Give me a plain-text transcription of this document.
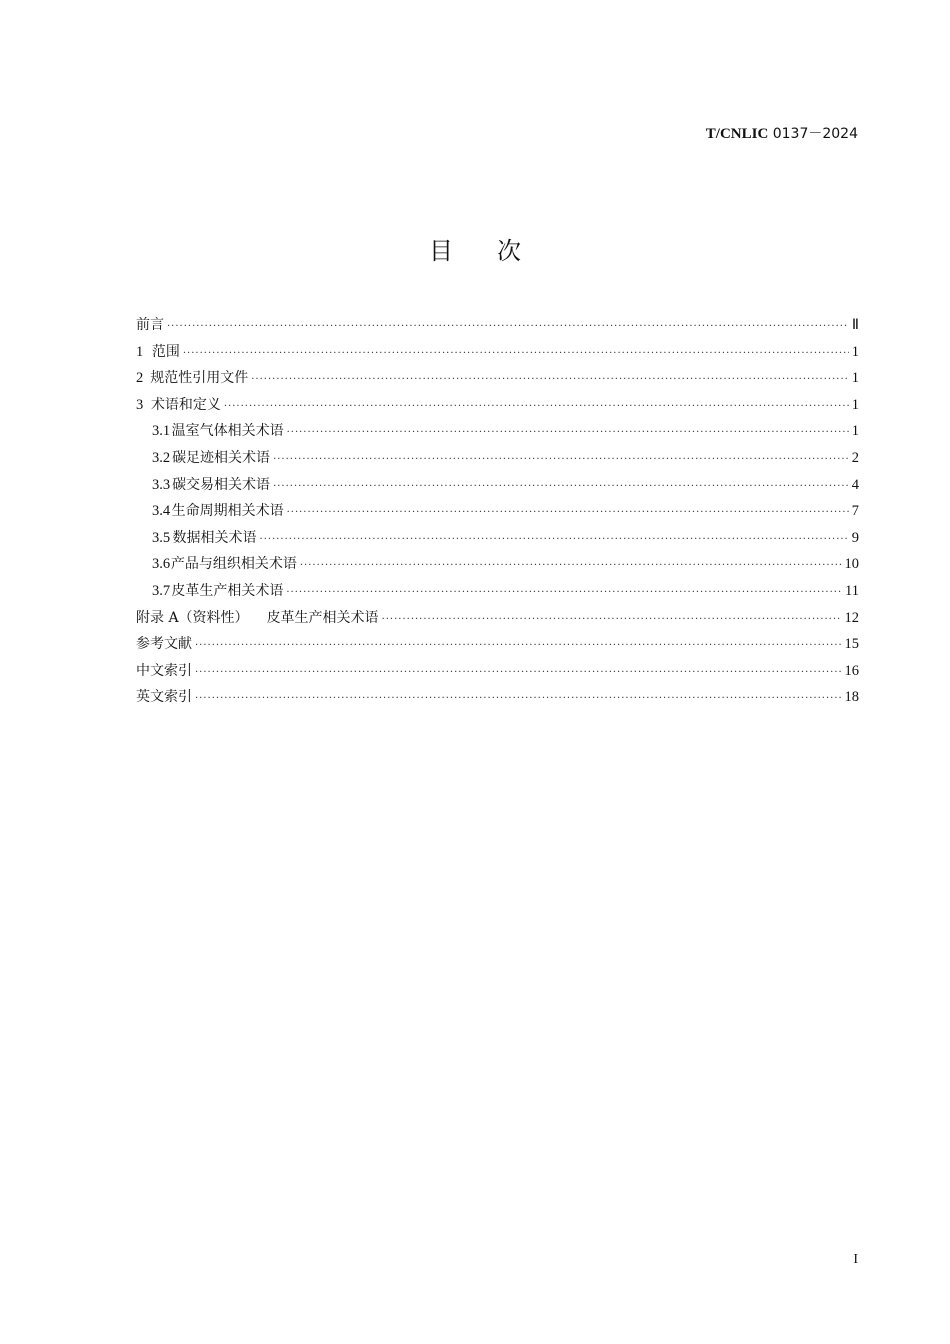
T/CNLIC 0137－2024
目次
前言 ·····	Ⅱ
1 范围 ·····	1
2 规范性引用文件 ·····	1
3 术语和定义 ·····	1
3.1 温室气体相关术语 ·····	1
3.2 碳足迹相关术语 ·····	2
3.3 碳交易相关术语 ·····	4
3.4 生命周期相关术语 ·····	7
3.5 数据相关术语 ·····	9
3.6 产品与组织相关术语 ·····	10
3.7 皮革生产相关术语 ·····	11
附录 A（资料性） 皮革生产相关术语 ·····	12
参考文献 ·····	15
中文索引 ·····	16
英文索引 ·····	18
I
